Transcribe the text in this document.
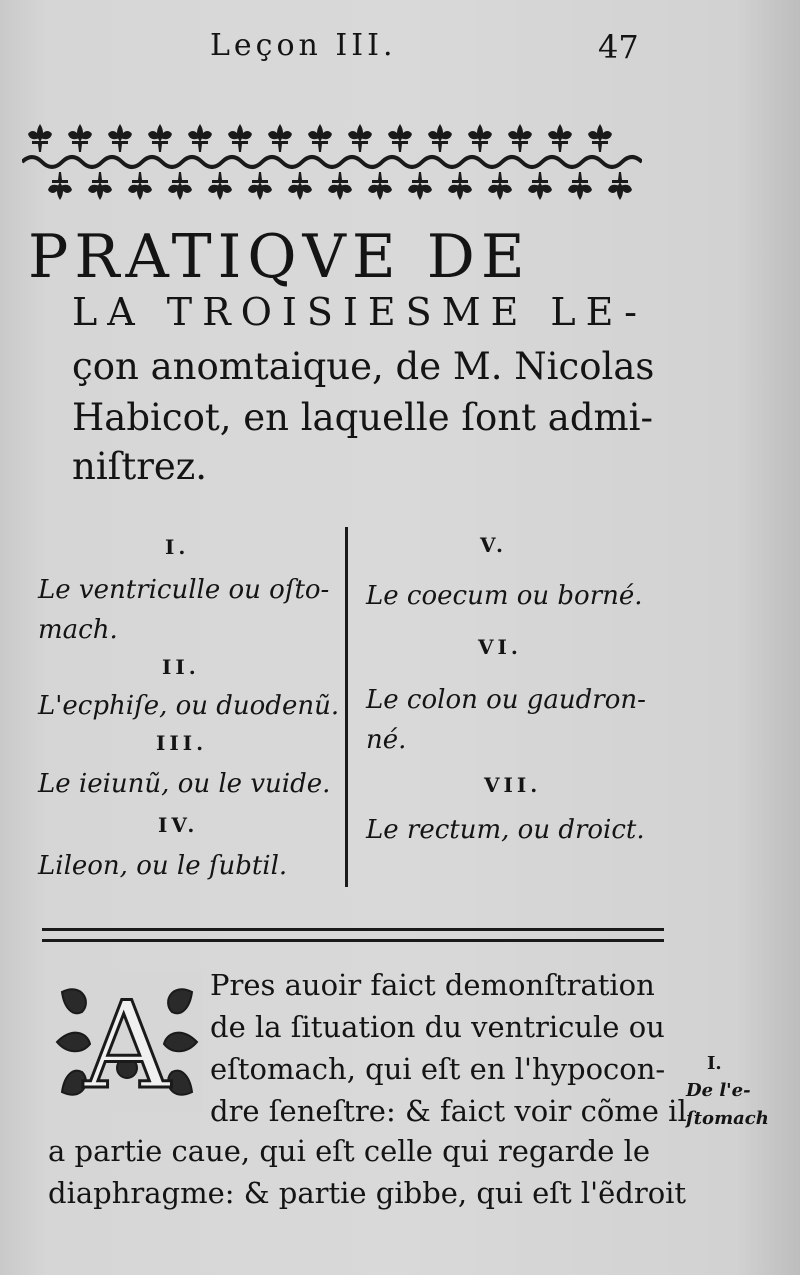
Leçon III.	47
PRATIQVE DE
LA TROISIESME LE-
çon anomtaique, de M. Nicolas
Habicot, en laquelle ſont admi-
niſtrez.
I.
Le ventriculle ou oſto-
mach.
II.
L'ecphiſe, ou duodenũ.
III.
Le ieiunũ, ou le vuide.
IV.
Lileon, ou le ſubtil.
V.
Le coecum ou borné.
VI.
Le colon ou gaudron-
né.
VII.
Le rectum, ou droict.
A Pres auoir faict demonſtration
de la ſituation du ventricule ou
eſtomach, qui eſt en l'hypocon-
dre ſeneſtre: & faict voir cõme il
a partie caue, qui eſt celle qui regarde le
diaphragme: & partie gibbe, qui eſt l'ẽdroit
I.
De l'e-
ſtomach
